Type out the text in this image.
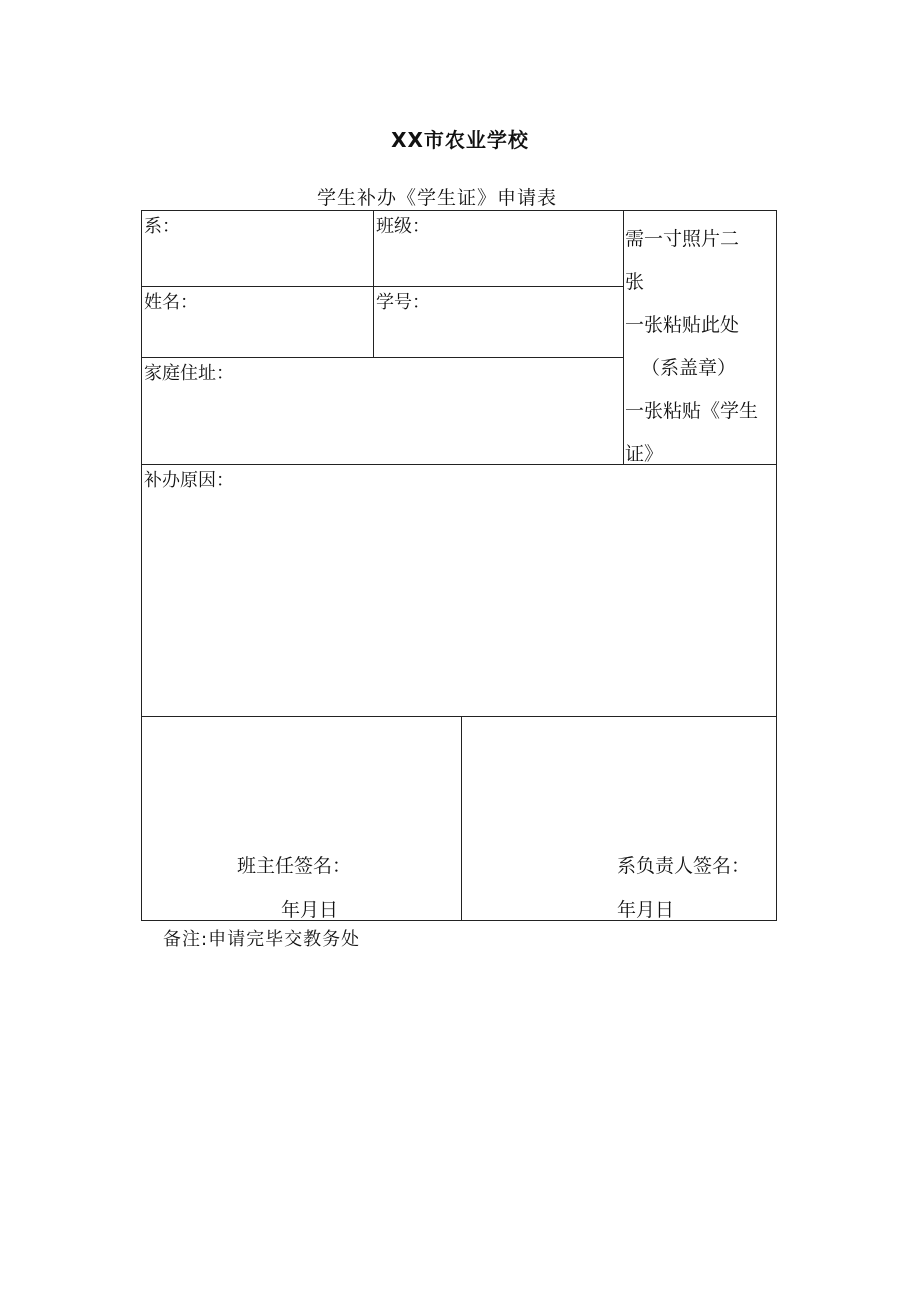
XX市农业学校
学生补办《学生证》申请表
系：	班级：
姓名：	学号：
家庭住址：
补办原因：
需一寸照片二
张
一张粘贴此处
（系盖章）
一张粘贴《学生
证》
班主任签名：
年月日
系负责人签名：
年月日
备注:申请完毕交教务处
